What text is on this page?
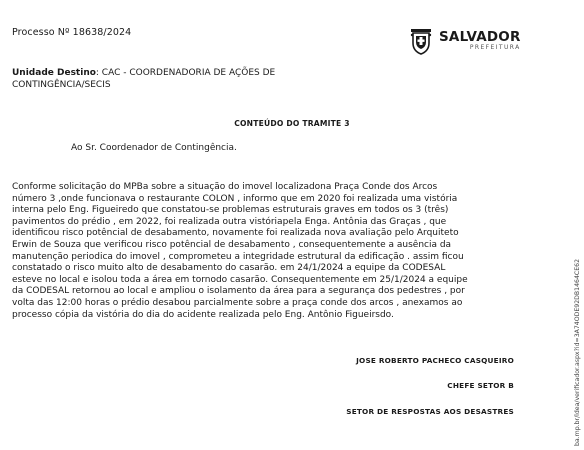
Processo Nº 18638/2024	SALVADOR
PREFEITURA
Unidade Destino: CAC - COORDENADORIA DE AÇÕES DE CONTINGÊNCIA/SECIS
CONTEÚDO DO TRAMITE 3
Ao Sr. Coordenador de Contingência.
Conforme solicitação do MPBa sobre a situação do imovel localizadona Praça Conde dos Arcos
número 3 ,onde funcionava o restaurante COLON , informo que em 2020 foi realizada uma vistória
interna pelo Eng. Figueiredo que constatou-se problemas estruturais graves em todos os 3 (três)
pavimentos do prédio , em 2022, foi realizada outra vistóriapela Enga. Antônia das Graças , que
identificou risco potêncial de desabamento, novamente foi realizada nova avaliação pelo Arquiteto
Erwin de Souza que verificou risco potêncial de desabamento , consequentemente a ausência da
manutenção periodica do imovel , comprometeu a integridade estrutural da edificação . assim ficou
constatado o risco muito alto de desabamento do casarão. em 24/1/2024 a equipe da CODESAL
esteve no local e isolou toda a área em tornodo casarão. Consequentemente em 25/1/2024 a equipe
da CODESAL retornou ao local e ampliou o isolamento da área para a segurança dos pedestres , por
volta das 12:00 horas o prédio desabou parcialmente sobre a praça conde dos arcos , anexamos ao
processo cópia da vistória do dia do acidente realizada pelo Eng. Antônio Figueirsdo.
JOSE ROBERTO PACHECO CASQUEIRO
CHEFE SETOR B
SETOR DE RESPOSTAS AOS DESASTRES	ba.mp.br/ldea/verificador.aspx?id=3A74ODE92DB1464CE62
